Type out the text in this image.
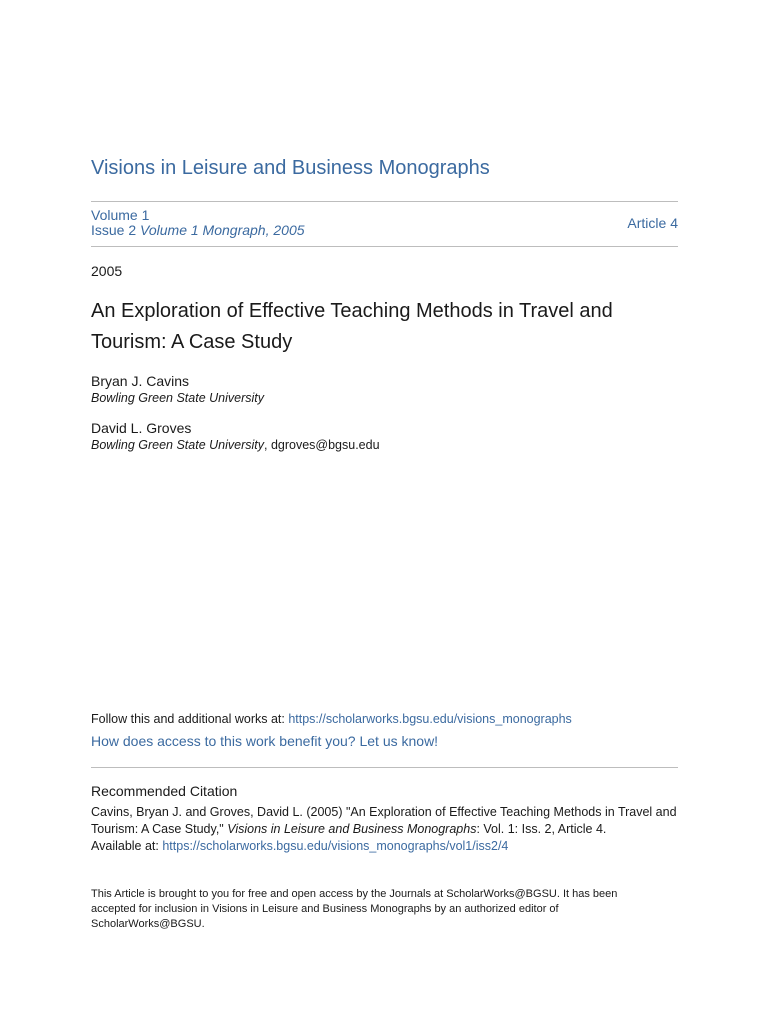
Visions in Leisure and Business Monographs
Volume 1
Issue 2 Volume 1 Mongraph, 2005	Article 4
2005
An Exploration of Effective Teaching Methods in Travel and Tourism: A Case Study
Bryan J. Cavins
Bowling Green State University
David L. Groves
Bowling Green State University, dgroves@bgsu.edu
Follow this and additional works at: https://scholarworks.bgsu.edu/visions_monographs
How does access to this work benefit you? Let us know!
Recommended Citation
Cavins, Bryan J. and Groves, David L. (2005) "An Exploration of Effective Teaching Methods in Travel and Tourism: A Case Study," Visions in Leisure and Business Monographs: Vol. 1: Iss. 2, Article 4.
Available at: https://scholarworks.bgsu.edu/visions_monographs/vol1/iss2/4
This Article is brought to you for free and open access by the Journals at ScholarWorks@BGSU. It has been accepted for inclusion in Visions in Leisure and Business Monographs by an authorized editor of ScholarWorks@BGSU.
